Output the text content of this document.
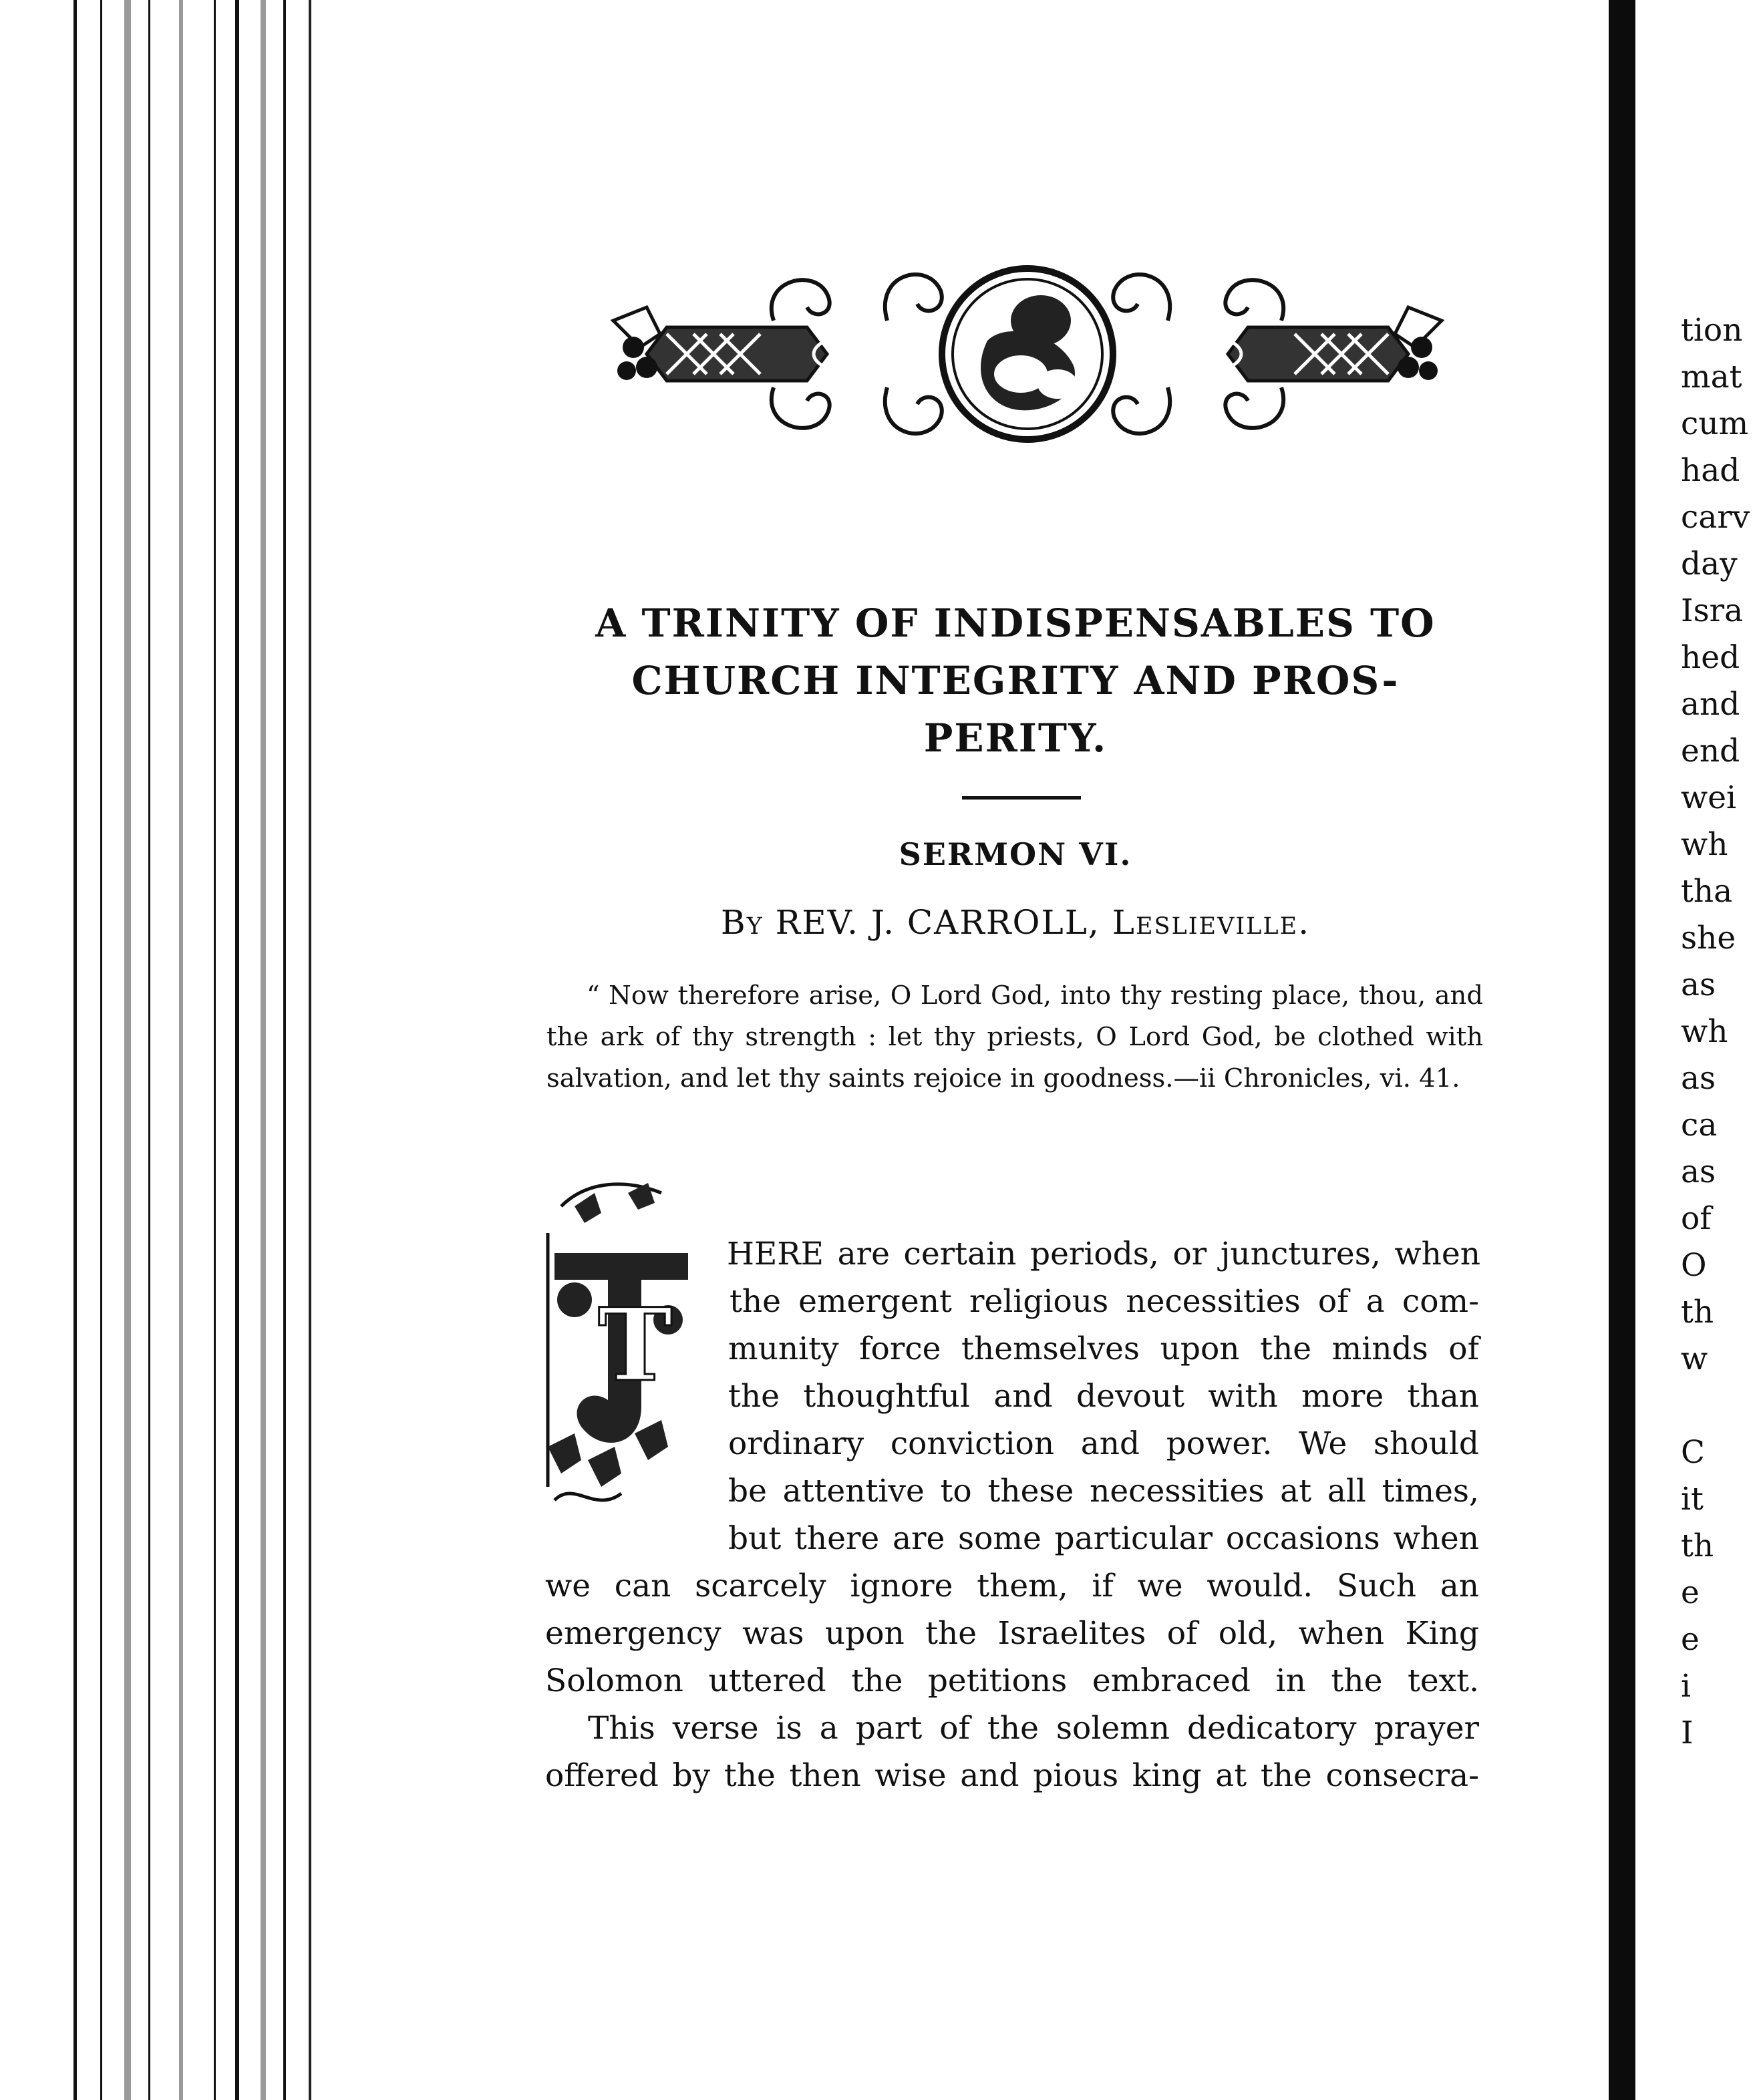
A TRINITY OF INDISPENSABLES TO
CHURCH INTEGRITY AND PROS-
PERITY.
SERMON VI.
By REV. J. CARROLL, Leslieville.
“ Now therefore arise, O Lord God, into thy resting place, thou, and the ark of thy strength : let thy priests, O Lord God, be clothed with salvation, and let thy saints rejoice in goodness.—ii Chronicles, vi. 41.
T
HERE are certain periods, or junctures, when
the emergent religious necessities of a com-
munity force themselves upon the minds of
the thoughtful and devout with more than
ordinary conviction and power. We should
be attentive to these necessities at all times,
but there are some particular occasions when
we can scarcely ignore them, if we would. Such an
emergency was upon the Israelites of old, when King
Solomon uttered the petitions embraced in the text.
This verse is a part of the solemn dedicatory prayer
offered by the then wise and pious king at the consecra-
tion
mat
cum
had
carv
day
Isra
hed
and
end
wei
wh
tha
she
as
wh
as
ca
as
of
O
th
w
C
it
th
e
e
i
I
